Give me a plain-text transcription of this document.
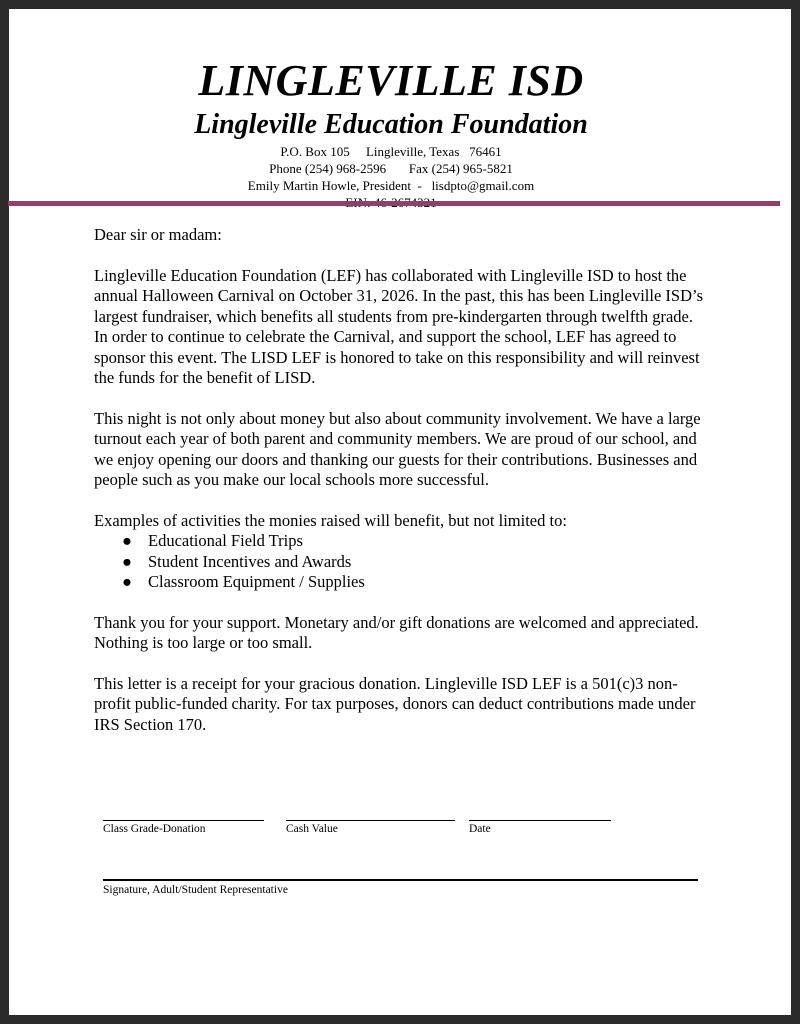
LINGLEVILLE ISD
Lingleville Education Foundation
P.O. Box 105     Lingleville, Texas   76461
Phone (254) 968-2596       Fax (254) 965-5821
Emily Martin Howle, President  -   lisdpto@gmail.com

Dear sir or madam:

Lingleville Education Foundation (LEF) has collaborated with Lingleville ISD to host the annual Halloween Carnival on October 31, 2026. In the past, this has been Lingleville ISD’s largest fundraiser, which benefits all students from pre-kindergarten through twelfth grade. In order to continue to celebrate the Carnival, and support the school, LEF has agreed to sponsor this event. The LISD LEF is honored to take on this responsibility and will reinvest the funds for the benefit of LISD.

This night is not only about money but also about community involvement. We have a large turnout each year of both parent and community members. We are proud of our school, and we enjoy opening our doors and thanking our guests for their contributions. Businesses and people such as you make our local schools more successful.

Examples of activities the monies raised will benefit, but not limited to:

● Educational Field Trips
● Student Incentives and Awards
● Classroom Equipment / Supplies

Thank you for your support. Monetary and/or gift donations are welcomed and appreciated. Nothing is too large or too small.

This letter is a receipt for your gracious donation. Lingleville ISD LEF is a 501(c)3 non-profit public-funded charity. For tax purposes, donors can deduct contributions made under IRS Section 170.

Class Grade-Donation	Cash Value	Date
Signature, Adult/Student Representative
